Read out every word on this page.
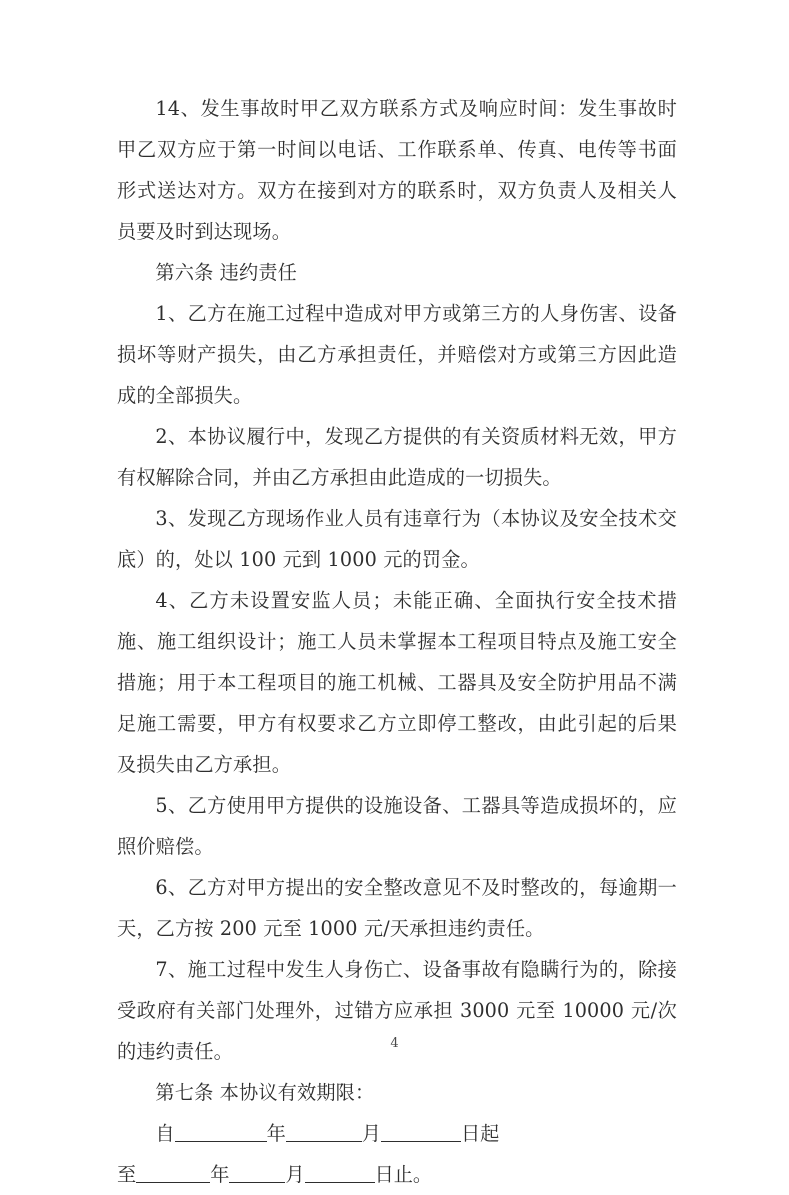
14、发生事故时甲乙双方联系方式及响应时间：发生事故时甲乙双方应于第一时间以电话、工作联系单、传真、电传等书面形式送达对方。双方在接到对方的联系时，双方负责人及相关人员要及时到达现场。

第六条 违约责任

1、乙方在施工过程中造成对甲方或第三方的人身伤害、设备损坏等财产损失，由乙方承担责任，并赔偿对方或第三方因此造成的全部损失。

2、本协议履行中，发现乙方提供的有关资质材料无效，甲方有权解除合同，并由乙方承担由此造成的一切损失。

3、发现乙方现场作业人员有违章行为（本协议及安全技术交底）的，处以 100 元到 1000 元的罚金。

4、乙方未设置安监人员；未能正确、全面执行安全技术措施、施工组织设计；施工人员未掌握本工程项目特点及施工安全措施；用于本工程项目的施工机械、工器具及安全防护用品不满足施工需要，甲方有权要求乙方立即停工整改，由此引起的后果及损失由乙方承担。

5、乙方使用甲方提供的设施设备、工器具等造成损坏的，应照价赔偿。

6、乙方对甲方提出的安全整改意见不及时整改的，每逾期一天，乙方按 200 元至 1000 元/天承担违约责任。

7、施工过程中发生人身伤亡、设备事故有隐瞒行为的，除接受政府有关部门处理外，过错方应承担 3000 元至 10000 元/次的违约责任。

第七条 本协议有效期限：

自	年	月	日起

至	年	月	日止。

4
